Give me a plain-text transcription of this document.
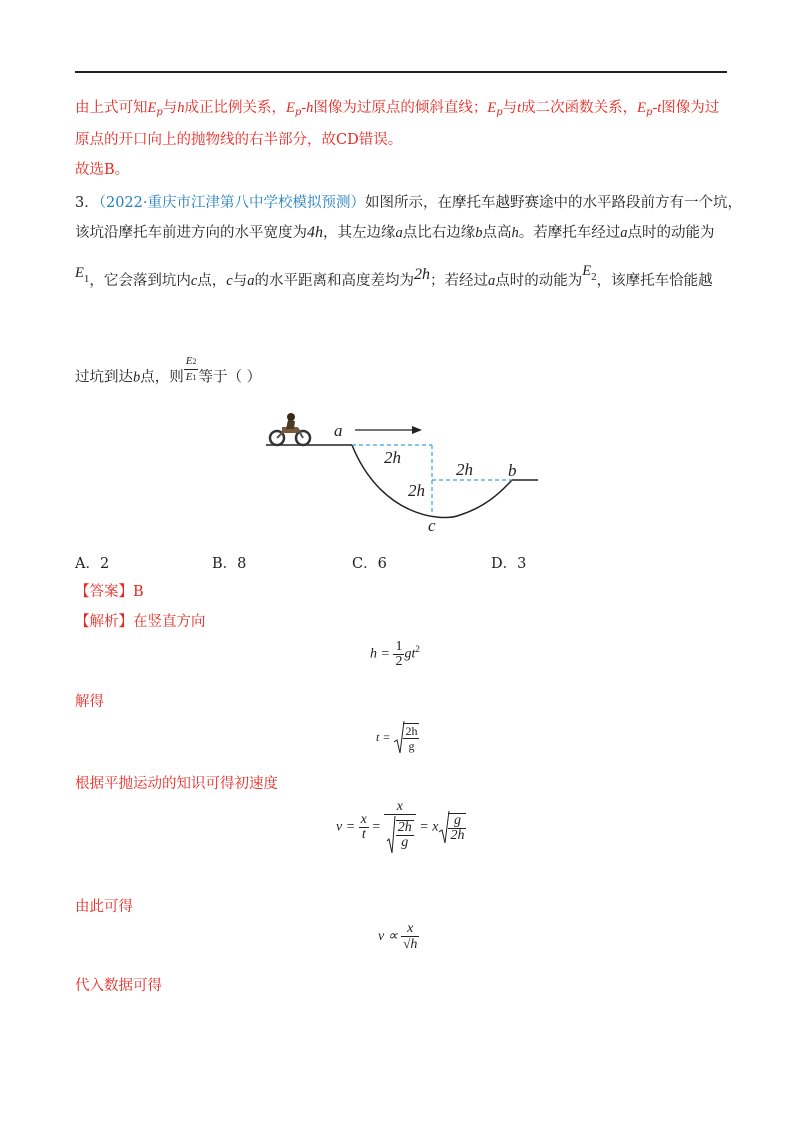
由上式可知$E_p$与h成正比例关系，$E_p-h$图像为过原点的倾斜直线；$E_p$与t成二次函数关系，$E_p-t$图像为过
原点的开口向上的抛物线的右半部分，故CD错误。
故选B。
3．（2022·重庆市江津第八中学校模拟预测）如图所示，在摩托车越野赛途中的水平路段前方有一个坑，
该坑沿摩托车前进方向的水平宽度为4h，其左边缘a点比右边缘b点高h。若摩托车经过a点时的动能为
$E^1$，它会落到坑内c点，c与a的水平距离和高度差均为2h；若经过a点时的动能为$E^2$，该摩托车恰能越
过坑到达b点，则 $\frac{E2}{E1}$ 等于（ ）
a
b
c
2h
2h
2h
A．2	B．8	C．6	D．3
【答案】B
【解析】在竖直方向
$h = \frac{1}{2} gt^2$
解得
$t = \frac{2h}{g}$
根据平抛运动的知识可得初速度
$v = \frac{x}{t} = \frac{x}{\frac{2h}{g}} = x \frac{g}{2h}$
由此可得
$v \propto \frac{x}{√h}$
代入数据可得
